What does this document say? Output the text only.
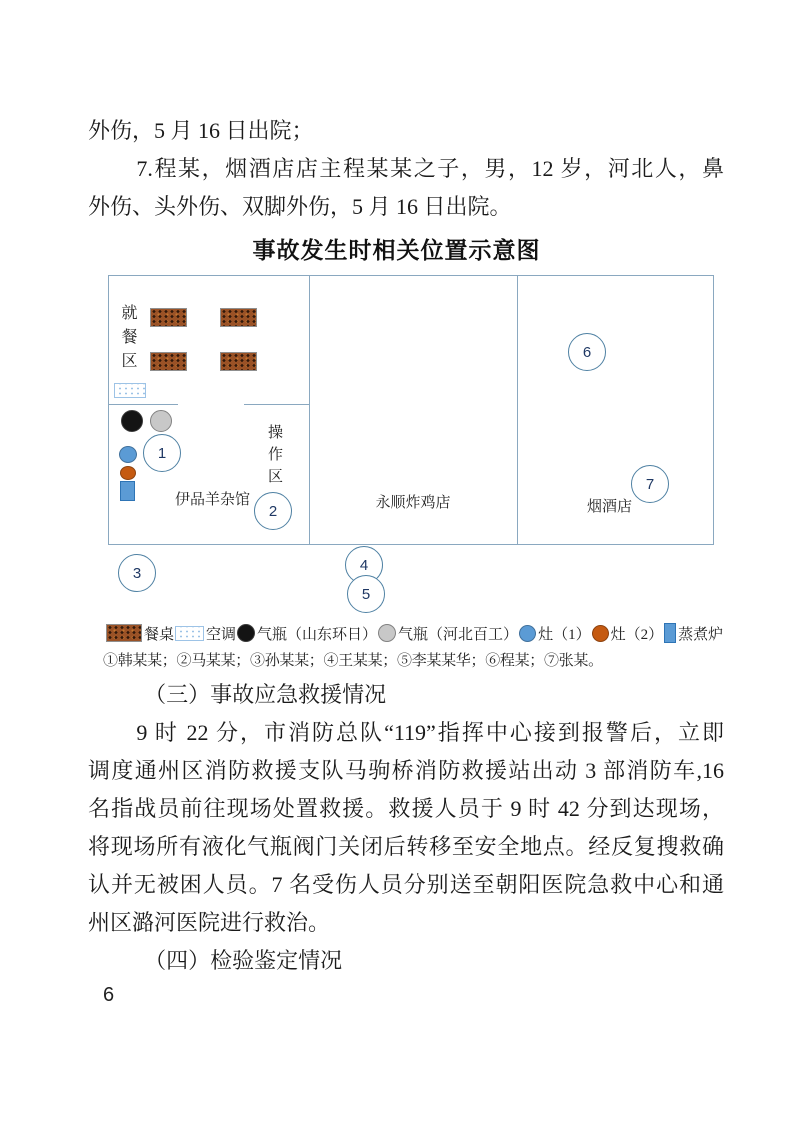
外伤，5 月 16 日出院；
7.程某，烟酒店店主程某某之子，男，12 岁，河北人，鼻
外伤、头外伤、双脚外伤，5 月 16 日出院。
事故发生时相关位置示意图
就餐区
1	操作区
伊品羊杂馆
2	永顺炸鸡店
6
7
烟酒店
3	4
5
餐桌 空调 气瓶（山东环日） 气瓶（河北百工） 灶（1） 灶（2） 蒸煮炉
①韩某某；②马某某；③孙某某；④王某某；⑤李某某华；⑥程某；⑦张某。
（三）事故应急救援情况
9 时 22 分，市消防总队“119”指挥中心接到报警后，立即
调度通州区消防救援支队马驹桥消防救援站出动 3 部消防车,16
名指战员前往现场处置救援。救援人员于 9 时 42 分到达现场，
将现场所有液化气瓶阀门关闭后转移至安全地点。经反复搜救确
认并无被困人员。7 名受伤人员分别送至朝阳医院急救中心和通
州区潞河医院进行救治。
（四）检验鉴定情况
6
